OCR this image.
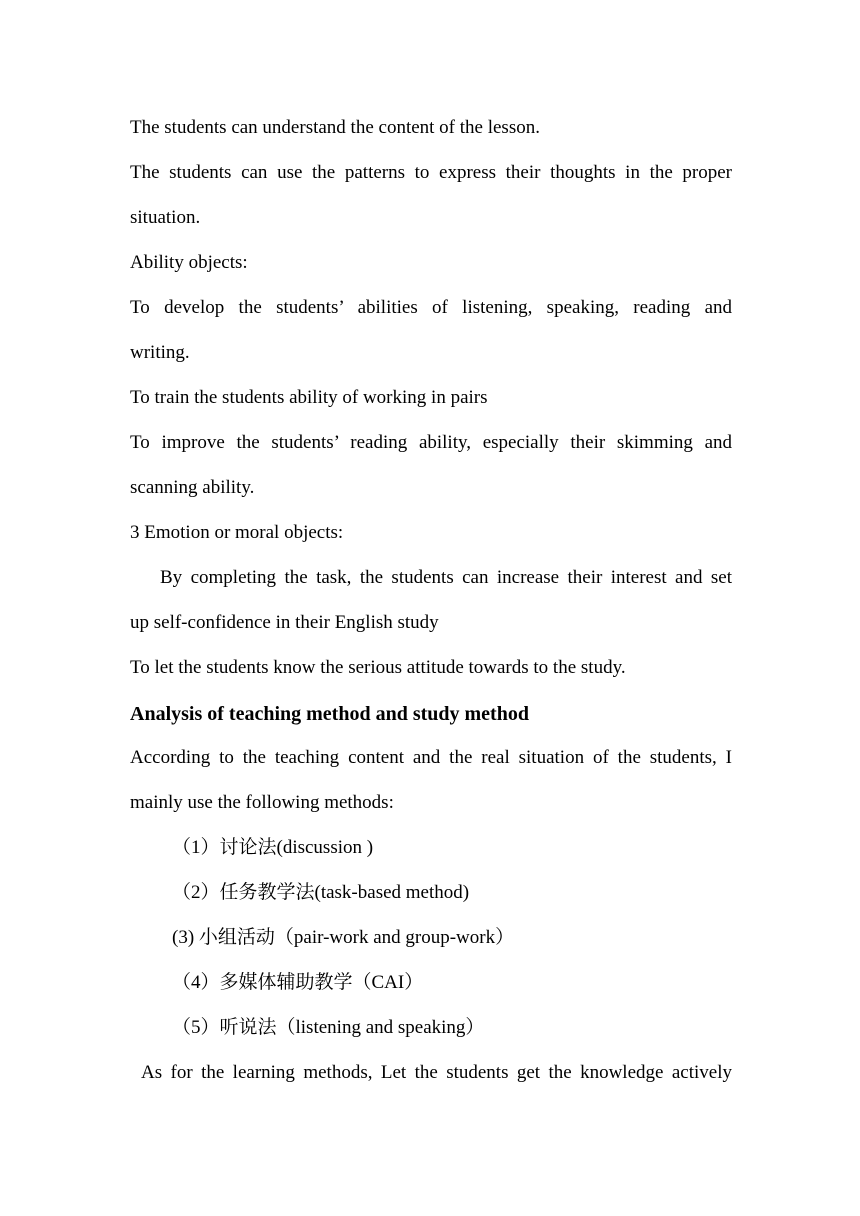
The students can understand the content of the lesson.
The students can use the patterns to express their thoughts in the proper
situation.
Ability objects:
To develop the students’ abilities of listening, speaking, reading and
writing.
To train the students ability of working in pairs
To improve the students’ reading ability, especially their skimming and
scanning ability.
3 Emotion or moral objects:
By completing the task, the students can increase their interest and set
up self-confidence in their English study
To let the students know the serious attitude towards to the study.
Analysis of teaching method and study method
According to the teaching content and the real situation of the students, I
mainly use the following methods:
（1）讨论法(discussion )
（2）任务教学法(task-based method)
(3) 小组活动（pair-work and group-work）
（4）多媒体辅助教学（CAI）
（5）听说法（listening and speaking）
As for the learning methods, Let the students get the knowledge actively
